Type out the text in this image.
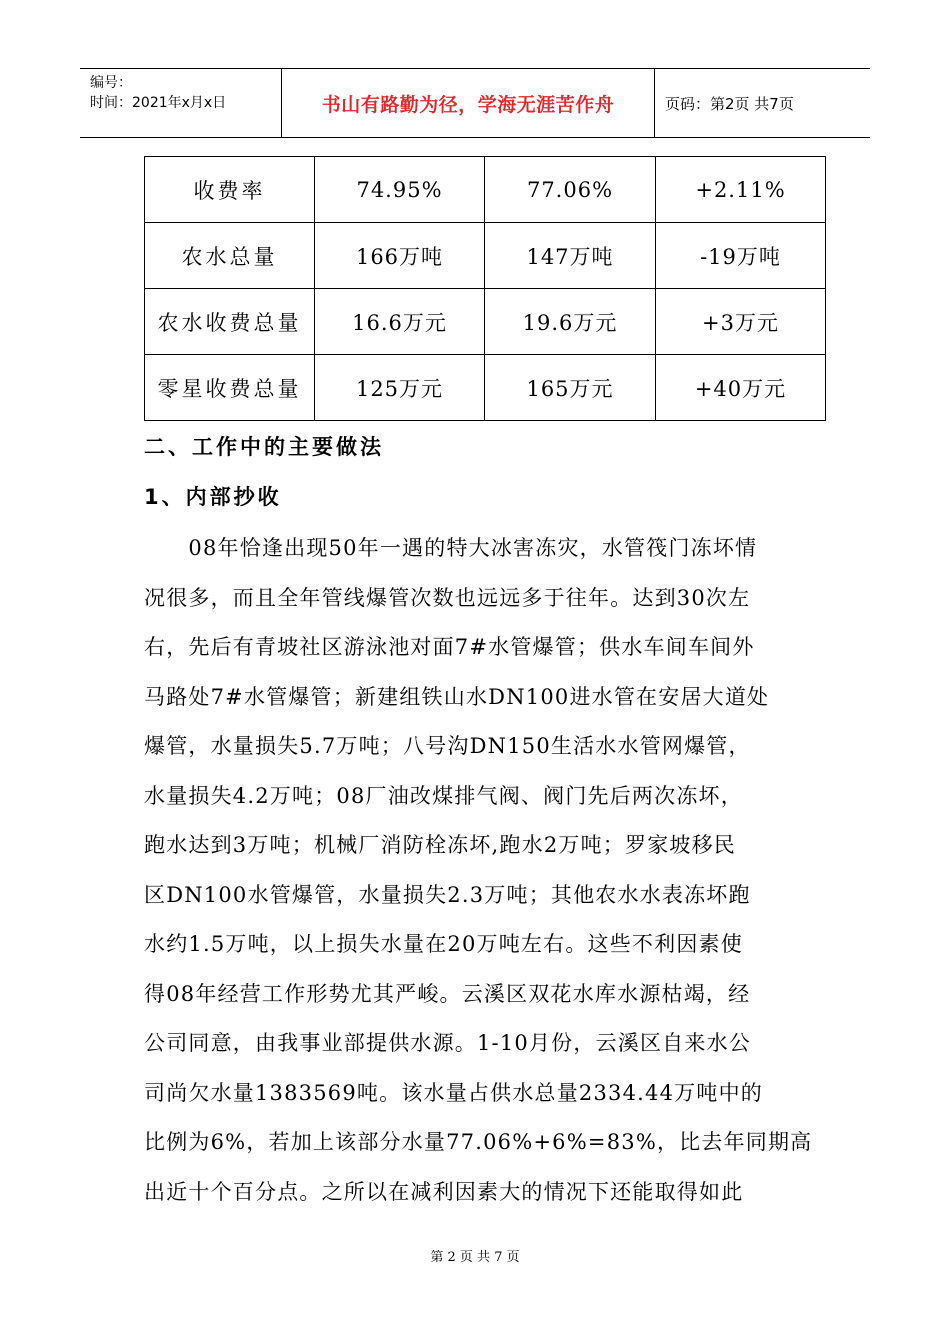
编号：
时间：2021年x月x日	书山有路勤为径，学海无涯苦作舟	页码：第2页 共7页
收费率	74.95%	77.06%	+2.11%
农水总量	166万吨	147万吨	-19万吨
农水收费总量	16.6万元	19.6万元	+3万元
零星收费总量	125万元	165万元	+40万元
二、工作中的主要做法
1、内部抄收

　　08年恰逢出现50年一遇的特大冰害冻灾，水管筏门冻坏情
况很多，而且全年管线爆管次数也远远多于往年。达到30次左
右，先后有青坡社区游泳池对面7#水管爆管；供水车间车间外
马路处7#水管爆管；新建组铁山水DN100进水管在安居大道处
爆管，水量损失5.7万吨；八号沟DN150生活水水管网爆管，
水量损失4.2万吨；08厂油改煤排气阀、阀门先后两次冻坏，
跑水达到3万吨；机械厂消防栓冻坏,跑水2万吨；罗家坡移民
区DN100水管爆管，水量损失2.3万吨；其他农水水表冻坏跑
水约1.5万吨，以上损失水量在20万吨左右。这些不利因素使
得08年经营工作形势尤其严峻。云溪区双花水库水源枯竭，经
公司同意，由我事业部提供水源。1-10月份，云溪区自来水公
司尚欠水量1383569吨。该水量占供水总量2334.44万吨中的
比例为6%，若加上该部分水量77.06%+6%=83%，比去年同期高
出近十个百分点。之所以在减利因素大的情况下还能取得如此

第 2 页 共 7 页
